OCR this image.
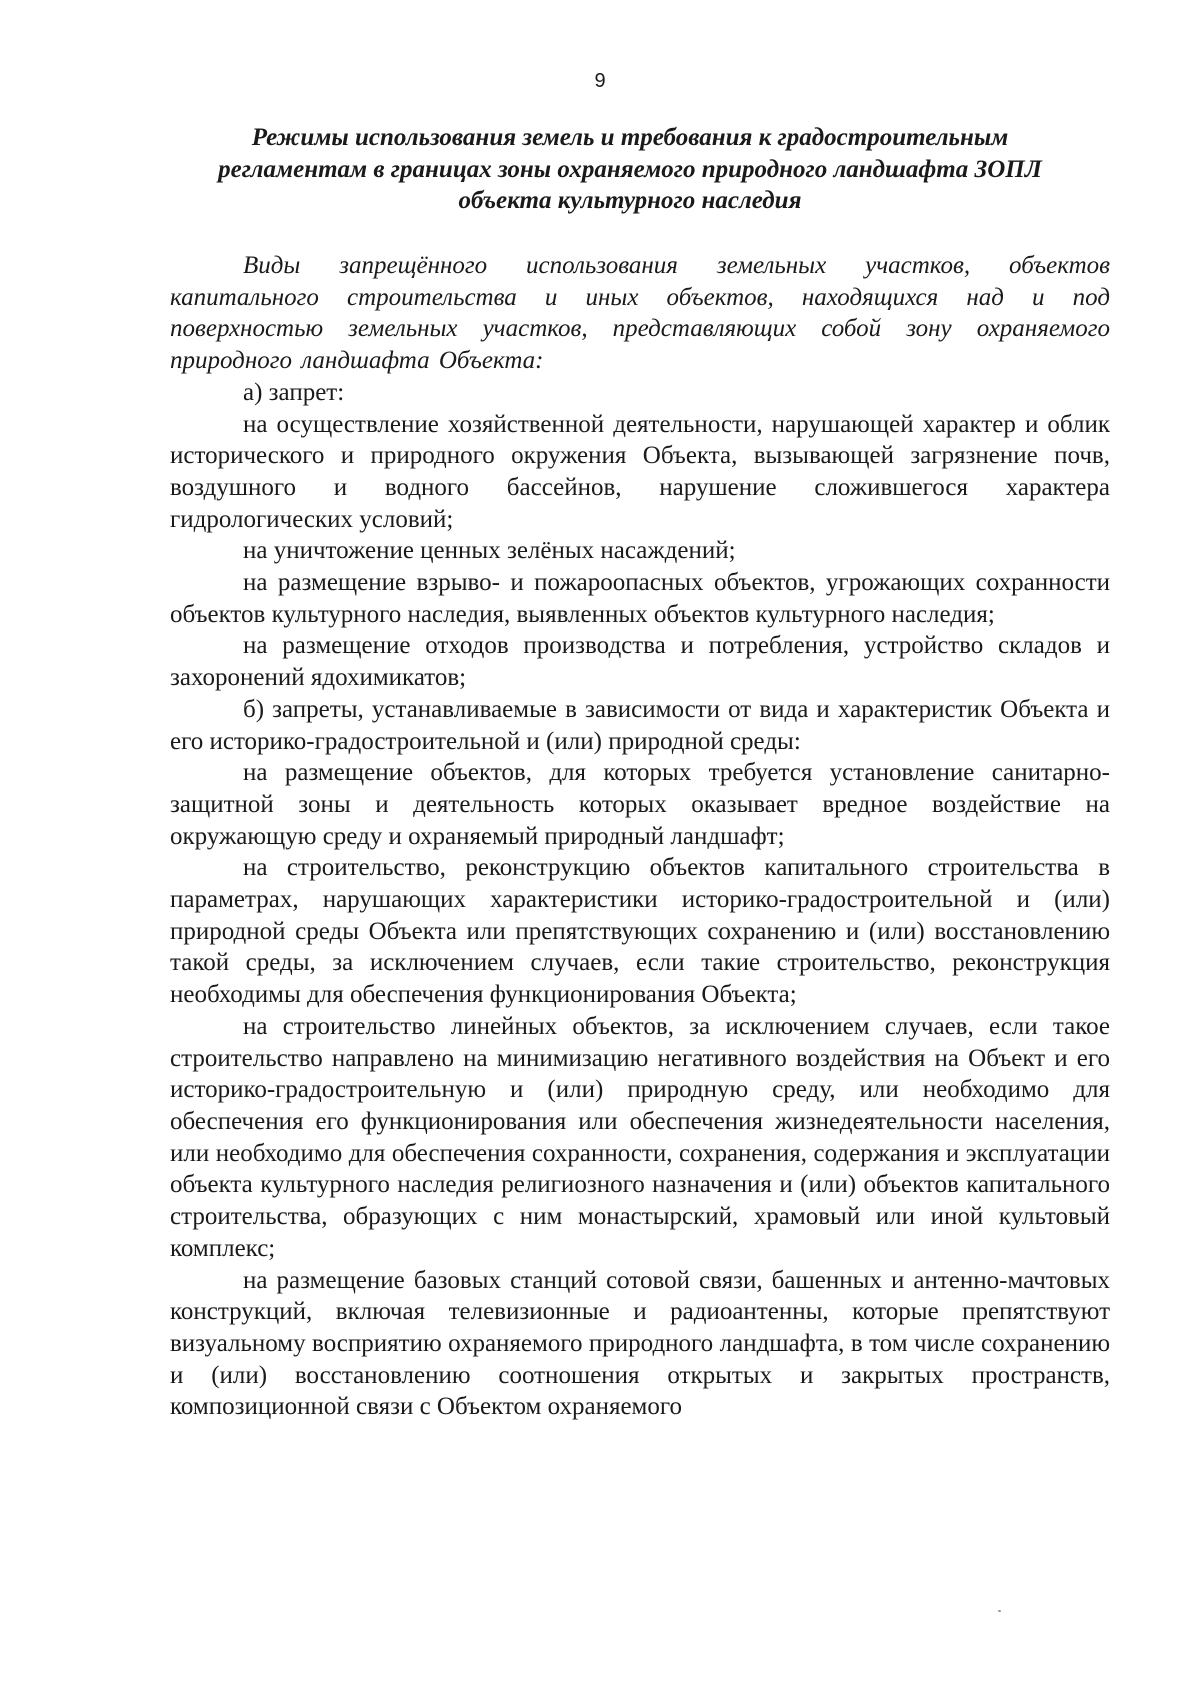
9
Режимы использования земель и требования к градостроительным
регламентам в границах зоны охраняемого природного ландшафта ЗОПЛ
объекта культурного наследия

Виды запрещённого использования земельных участков, объектов капитального строительства и иных объектов, находящихся над и под поверхностью земельных участков, представляющих собой зону охраняемого природного ландшафта Объекта:

а) запрет:

на осуществление хозяйственной деятельности, нарушающей характер и облик исторического и природного окружения Объекта, вызывающей загрязнение почв, воздушного и водного бассейнов, нарушение сложившегося характера гидрологических условий;

на уничтожение ценных зелёных насаждений;

на размещение взрыво- и пожароопасных объектов, угрожающих сохранности объектов культурного наследия, выявленных объектов культурного наследия;

на размещение отходов производства и потребления, устройство складов и захоронений ядохимикатов;

б) запреты, устанавливаемые в зависимости от вида и характеристик Объекта и его историко-градостроительной и (или) природной среды:

на размещение объектов, для которых требуется установление санитарно-защитной зоны и деятельность которых оказывает вредное воздействие на окружающую среду и охраняемый природный ландшафт;

на строительство, реконструкцию объектов капитального строительства в параметрах, нарушающих характеристики историко-градостроительной и (или) природной среды Объекта или препятствующих сохранению и (или) восстановлению такой среды, за исключением случаев, если такие строительство, реконструкция необходимы для обеспечения функционирования Объекта;

на строительство линейных объектов, за исключением случаев, если такое строительство направлено на минимизацию негативного воздействия на Объект и его историко-градостроительную и (или) природную среду, или необходимо для обеспечения его функционирования или обеспечения жизнедеятельности населения, или необходимо для обеспечения сохранности, сохранения, содержания и эксплуатации объекта культурного наследия религиозного назначения и (или) объектов капитального строительства, образующих с ним монастырский, храмовый или иной культовый комплекс;

на размещение базовых станций сотовой связи, башенных и антенно-мачтовых конструкций, включая телевизионные и радиоантенны, которые препятствуют визуальному восприятию охраняемого природного ландшафта, в том числе сохранению и (или) восстановлению соотношения открытых и закрытых пространств, композиционной связи с Объектом охраняемого
